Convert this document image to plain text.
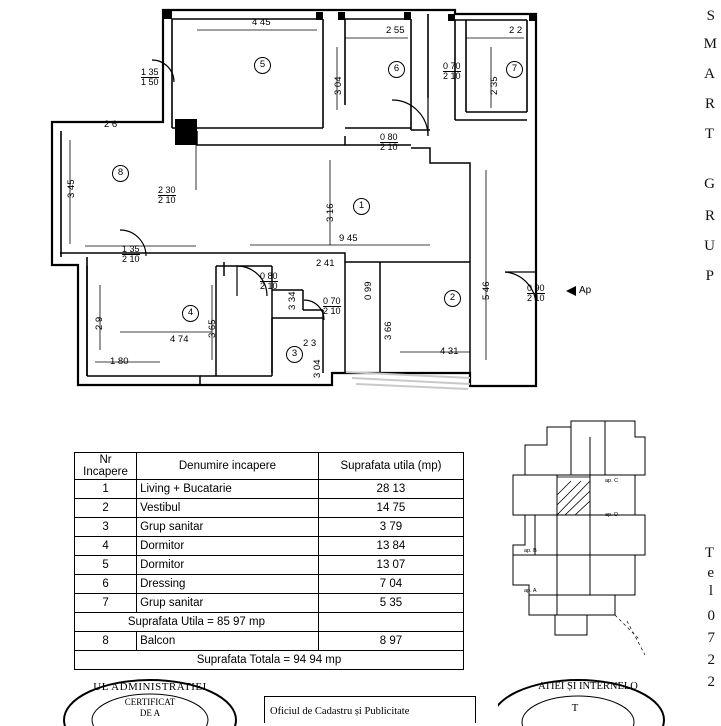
1
2
3
4
5	6	7
8
4 45
2 55	2 2
2 6
9 45
2 41
4 74
1 80
4 31
2 3
3 04	2 35
3 45
3 16
5 46
0 99
3 65
2 9
3 34
3 66
3 04
1 35
1 50
0 70
2 10
0 80
2 10
2 30
2 10
1 35
2 10
0 80
2 10
0 70
2 10
0 90
2 10
Ap
S
M
A
R
T
G
R
U
P
T
e
l
0
7
2
2
Nr Incapere	Denumire incapere	Suprafata utila (mp)
1	Living + Bucatarie	28 13
2	Vestibul	14 75
3	Grup sanitar	3 79
4	Dormitor	13 84
5	Dormitor	13 07
6	Dressing	7 04
7	Grup sanitar	5 35
Suprafata Utila = 85 97 mp		
8	Balcon	8 97
Suprafata Totala = 94 94 mp		
ap. C
ap. D
ap. B
ap. A
UL ADMINISTRATIEI
CERTIFICAT
DE A	Oficiul de Cadastru și Publicitate
ATIEI ȘI INTERNELO
T
